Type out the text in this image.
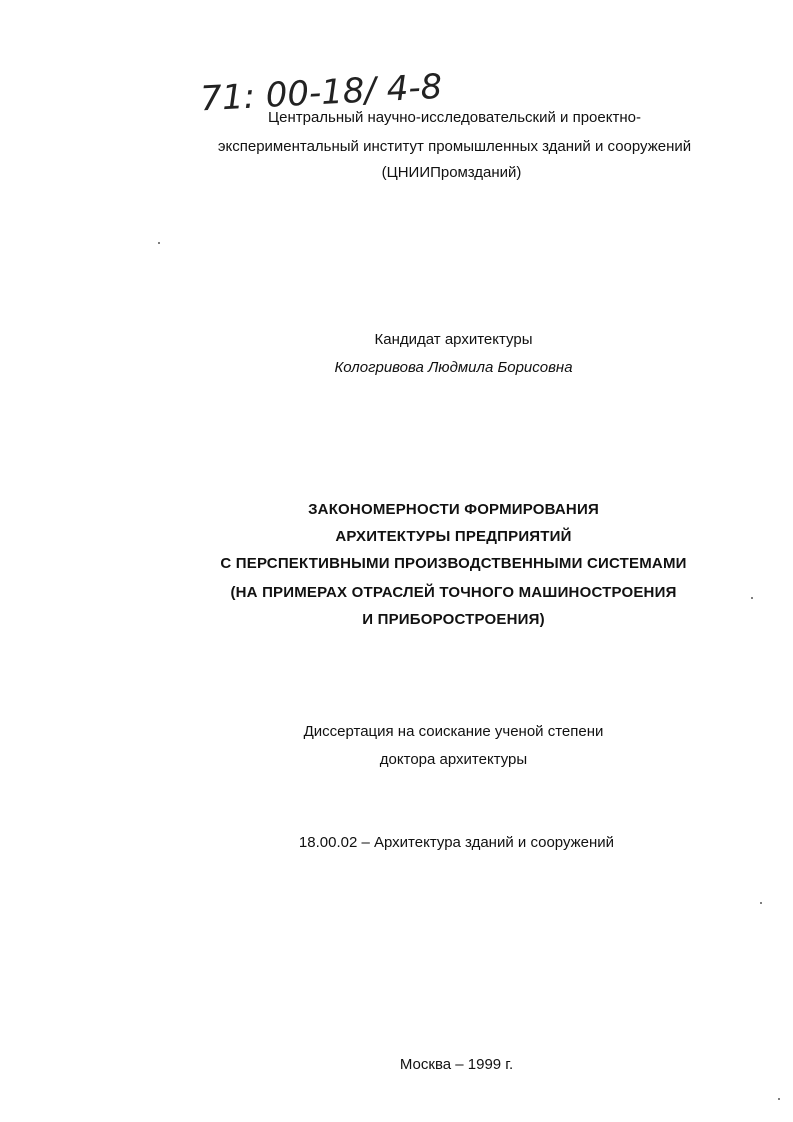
71: 00-18/ 4-8
Центральный научно-исследовательский и проектно-
экспериментальный институт промышленных зданий и сооружений
(ЦНИИПромзданий)
Кандидат архитектуры
Кологривова Людмила Борисовна
ЗАКОНОМЕРНОСТИ ФОРМИРОВАНИЯ
АРХИТЕКТУРЫ ПРЕДПРИЯТИЙ
С ПЕРСПЕКТИВНЫМИ ПРОИЗВОДСТВЕННЫМИ СИСТЕМАМИ
(НА ПРИМЕРАХ ОТРАСЛЕЙ ТОЧНОГО МАШИНОСТРОЕНИЯ
И ПРИБОРОСТРОЕНИЯ)
Диссертация на соискание ученой степени
доктора архитектуры
18.00.02 – Архитектура зданий и сооружений
Москва – 1999 г.
